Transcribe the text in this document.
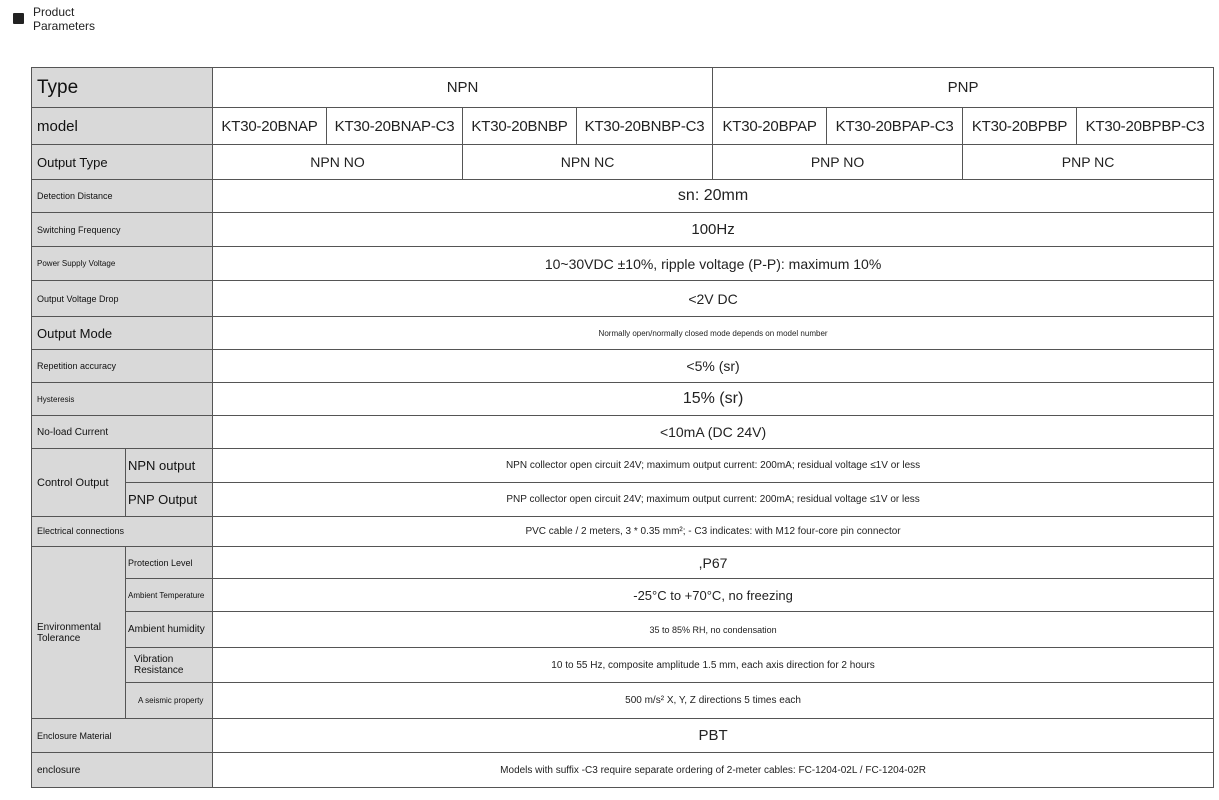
Product Parameters
Type		NPN				PNP			
model		KT30-20BNAP	KT30-20BNAP-C3	KT30-20BNBP	KT30-20BNBP-C3	KT30-20BPAP	KT30-20BPAP-C3	KT30-20BPBP	KT30-20BPBP-C3
Output Type		NPN NO		NPN NC		PNP NO		PNP NC	
Detection Distance		sn: 20mm							
Switching Frequency		100Hz							
Power Supply Voltage		10~30VDC ±10%, ripple voltage (P-P): maximum 10%							
Output Voltage Drop		<2V DC							
Output Mode		Normally open/normally closed mode depends on model number							
Repetition accuracy		<5% (sr)							
Hysteresis		15% (sr)							
No-load Current		<10mA (DC 24V)							
Control Output	NPN output	NPN collector open circuit 24V; maximum output current: 200mA; residual voltage ≤1V or less							
	PNP Output	PNP collector open circuit 24V; maximum output current: 200mA; residual voltage ≤1V or less							
Electrical connections		PVC cable / 2 meters, 3 * 0.35 mm²; - C3 indicates: with M12 four-core pin connector							
Environmental Tolerance	Protection Level	,P67							
	Ambient Temperature	-25°C to +70°C, no freezing							
	Ambient humidity	35 to 85% RH, no condensation							
	Vibration Resistance	10 to 55 Hz, composite amplitude 1.5 mm, each axis direction for 2 hours							
	A seismic property	500 m/s² X, Y, Z directions 5 times each							
Enclosure Material		PBT							
enclosure		Models with suffix -C3 require separate ordering of 2-meter cables: FC-1204-02L / FC-1204-02R							
